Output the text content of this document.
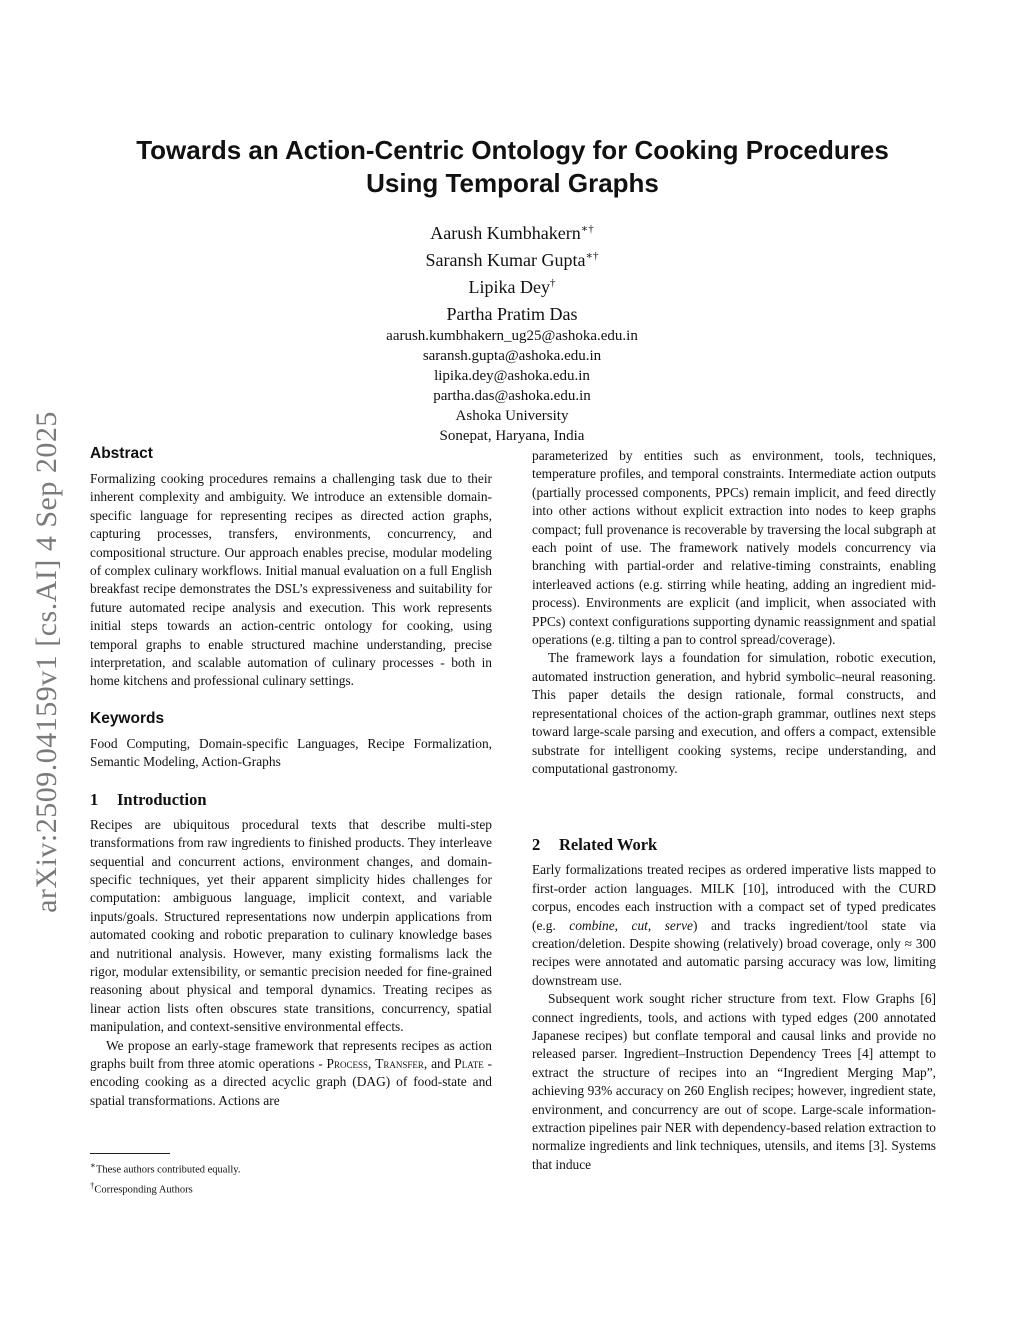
arXiv:2509.04159v1 [cs.AI] 4 Sep 2025
Towards an Action-Centric Ontology for Cooking Procedures
Using Temporal Graphs
Aarush Kumbhakern∗†
Saransh Kumar Gupta∗†
Lipika Dey†
Partha Pratim Das
aarush.kumbhakern_ug25@ashoka.edu.in
saransh.gupta@ashoka.edu.in
lipika.dey@ashoka.edu.in
partha.das@ashoka.edu.in
Ashoka University
Sonepat, Haryana, India
Abstract

Formalizing cooking procedures remains a challenging task due to their inherent complexity and ambiguity. We introduce an extensible domain-specific language for representing recipes as directed action graphs, capturing processes, transfers, environments, concurrency, and compositional structure. Our approach enables precise, modular modeling of complex culinary workflows. Initial manual evaluation on a full English breakfast recipe demonstrates the DSL’s expressiveness and suitability for future automated recipe analysis and execution. This work represents initial steps towards an action-centric ontology for cooking, using temporal graphs to enable structured machine understanding, precise interpretation, and scalable automation of culinary processes - both in home kitchens and professional culinary settings.

Keywords

Food Computing, Domain-specific Languages, Recipe Formalization, Semantic Modeling, Action-Graphs

1 Introduction

Recipes are ubiquitous procedural texts that describe multi-step transformations from raw ingredients to finished products. They interleave sequential and concurrent actions, environment changes, and domain-specific techniques, yet their apparent simplicity hides challenges for computation: ambiguous language, implicit context, and variable inputs/goals. Structured representations now underpin applications from automated cooking and robotic preparation to culinary knowledge bases and nutritional analysis. However, many existing formalisms lack the rigor, modular extensibility, or semantic precision needed for fine-grained reasoning about physical and temporal dynamics. Treating recipes as linear action lists often obscures state transitions, concurrency, spatial manipulation, and context-sensitive environmental effects.

We propose an early-stage framework that represents recipes as action graphs built from three atomic operations - Process, Transfer, and Plate - encoding cooking as a directed acyclic graph (DAG) of food-state and spatial transformations. Actions are

parameterized by entities such as environment, tools, techniques, temperature profiles, and temporal constraints. Intermediate action outputs (partially processed components, PPCs) remain implicit, and feed directly into other actions without explicit extraction into nodes to keep graphs compact; full provenance is recoverable by traversing the local subgraph at each point of use. The framework natively models concurrency via branching with partial-order and relative-timing constraints, enabling interleaved actions (e.g. stirring while heating, adding an ingredient mid-process). Environments are explicit (and implicit, when associated with PPCs) context configurations supporting dynamic reassignment and spatial operations (e.g. tilting a pan to control spread/coverage).

The framework lays a foundation for simulation, robotic execution, automated instruction generation, and hybrid symbolic–neural reasoning. This paper details the design rationale, formal constructs, and representational choices of the action-graph grammar, outlines next steps toward large-scale parsing and execution, and offers a compact, extensible substrate for intelligent cooking systems, recipe understanding, and computational gastronomy.

2 Related Work

Early formalizations treated recipes as ordered imperative lists mapped to first-order action languages. MILK [10], introduced with the CURD corpus, encodes each instruction with a compact set of typed predicates (e.g. combine, cut, serve) and tracks ingredient/tool state via creation/deletion. Despite showing (relatively) broad coverage, only ≈ 300 recipes were annotated and automatic parsing accuracy was low, limiting downstream use.

Subsequent work sought richer structure from text. Flow Graphs [6] connect ingredients, tools, and actions with typed edges (200 annotated Japanese recipes) but conflate temporal and causal links and provide no released parser. Ingredient–Instruction Dependency Trees [4] attempt to extract the structure of recipes into an “Ingredient Merging Map”, achieving 93% accuracy on 260 English recipes; however, ingredient state, environment, and concurrency are out of scope. Large-scale information-extraction pipelines pair NER with dependency-based relation extraction to normalize ingredients and link techniques, utensils, and items [3]. Systems that induce

∗These authors contributed equally.
†Corresponding Authors
